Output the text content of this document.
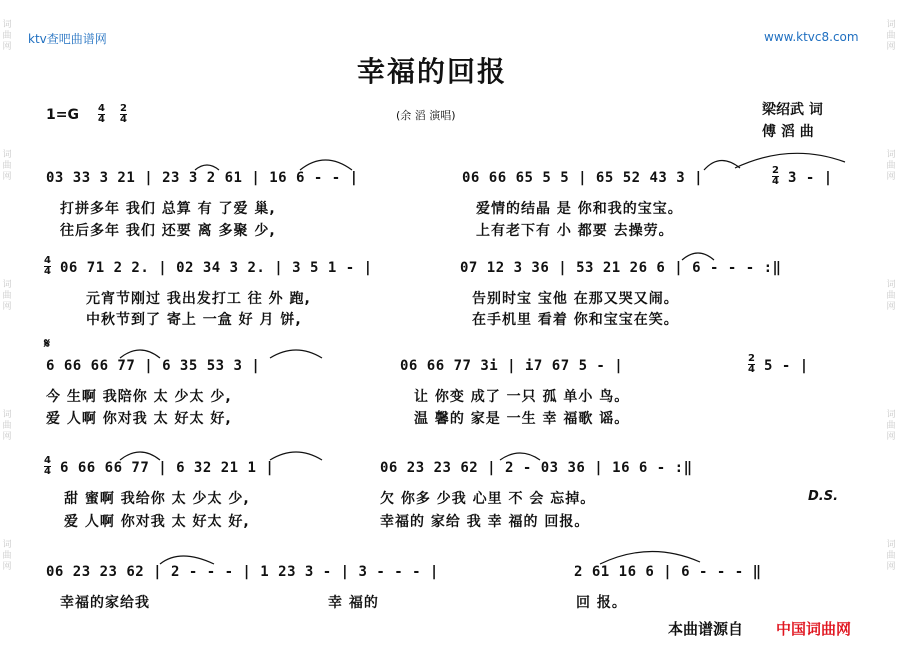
词曲网
词曲网
词曲网
词曲网
词曲网
词曲网
词曲网
词曲网
词曲网
词曲网
ktv查吧曲谱网	www.ktvc8.com
幸福的回报
$1=G \frac{4}{4} \frac{2}{4}$	(余 滔 演唱)	梁绍武 词
傅 滔 曲
03 33 3 21 | 23 3 2 61 | 16 6 - - |	06 66 65 5 5 | 65 52 43 3 |	$\frac{2}{4} 3$ - |
打拼多年 我们 总算 有 了爱 巢,	爱情的结晶 是 你和我的宝宝。
往后多年 我们 还要 离 多聚 少,	上有老下有 小 都要 去操劳。
$\frac{4}{4} 06$ 71 2 2. | 02 34 3 2. | 3 5 1 - |	07 12 3 36 | 53 21 26 6 | 6 - - - :‖
元宵节刚过 我出发打工 往 外 跑,	告别时宝 宝他 在那又哭又闹。
中秋节到了 寄上 一盒 好 月 饼,	在手机里 看着 你和宝宝在笑。
𝄋
6 66 66 77 | 6 35 53 3 |	06 66 77 3i | i7 67 5 - |	$\frac{2}{4} 5$ - |
今 生啊 我陪你 太 少太 少,	让 你变 成了 一只 孤 单小 鸟。
爱 人啊 你对我 太 好太 好,	温 馨的 家是 一生 幸 福歌 谣。
$\frac{4}{4} 6$ 66 66 77 | 6 32 21 1 |	06 23 23 62 | 2 - 03 36 | 16 6 - :‖
甜 蜜啊 我给你 太 少太 少,	欠 你多 少我 心里 不 会 忘掉。	D.S.
爱 人啊 你对我 太 好太 好,	幸福的 家给 我 幸 福的 回报。
06 23 23 62 | 2 - - - | 1 23 3 - | 3 - - - |	2 61 16 6 | 6 - - - ‖
幸福的家给我	幸 福的	回 报。
本曲谱源自 中国词曲网
